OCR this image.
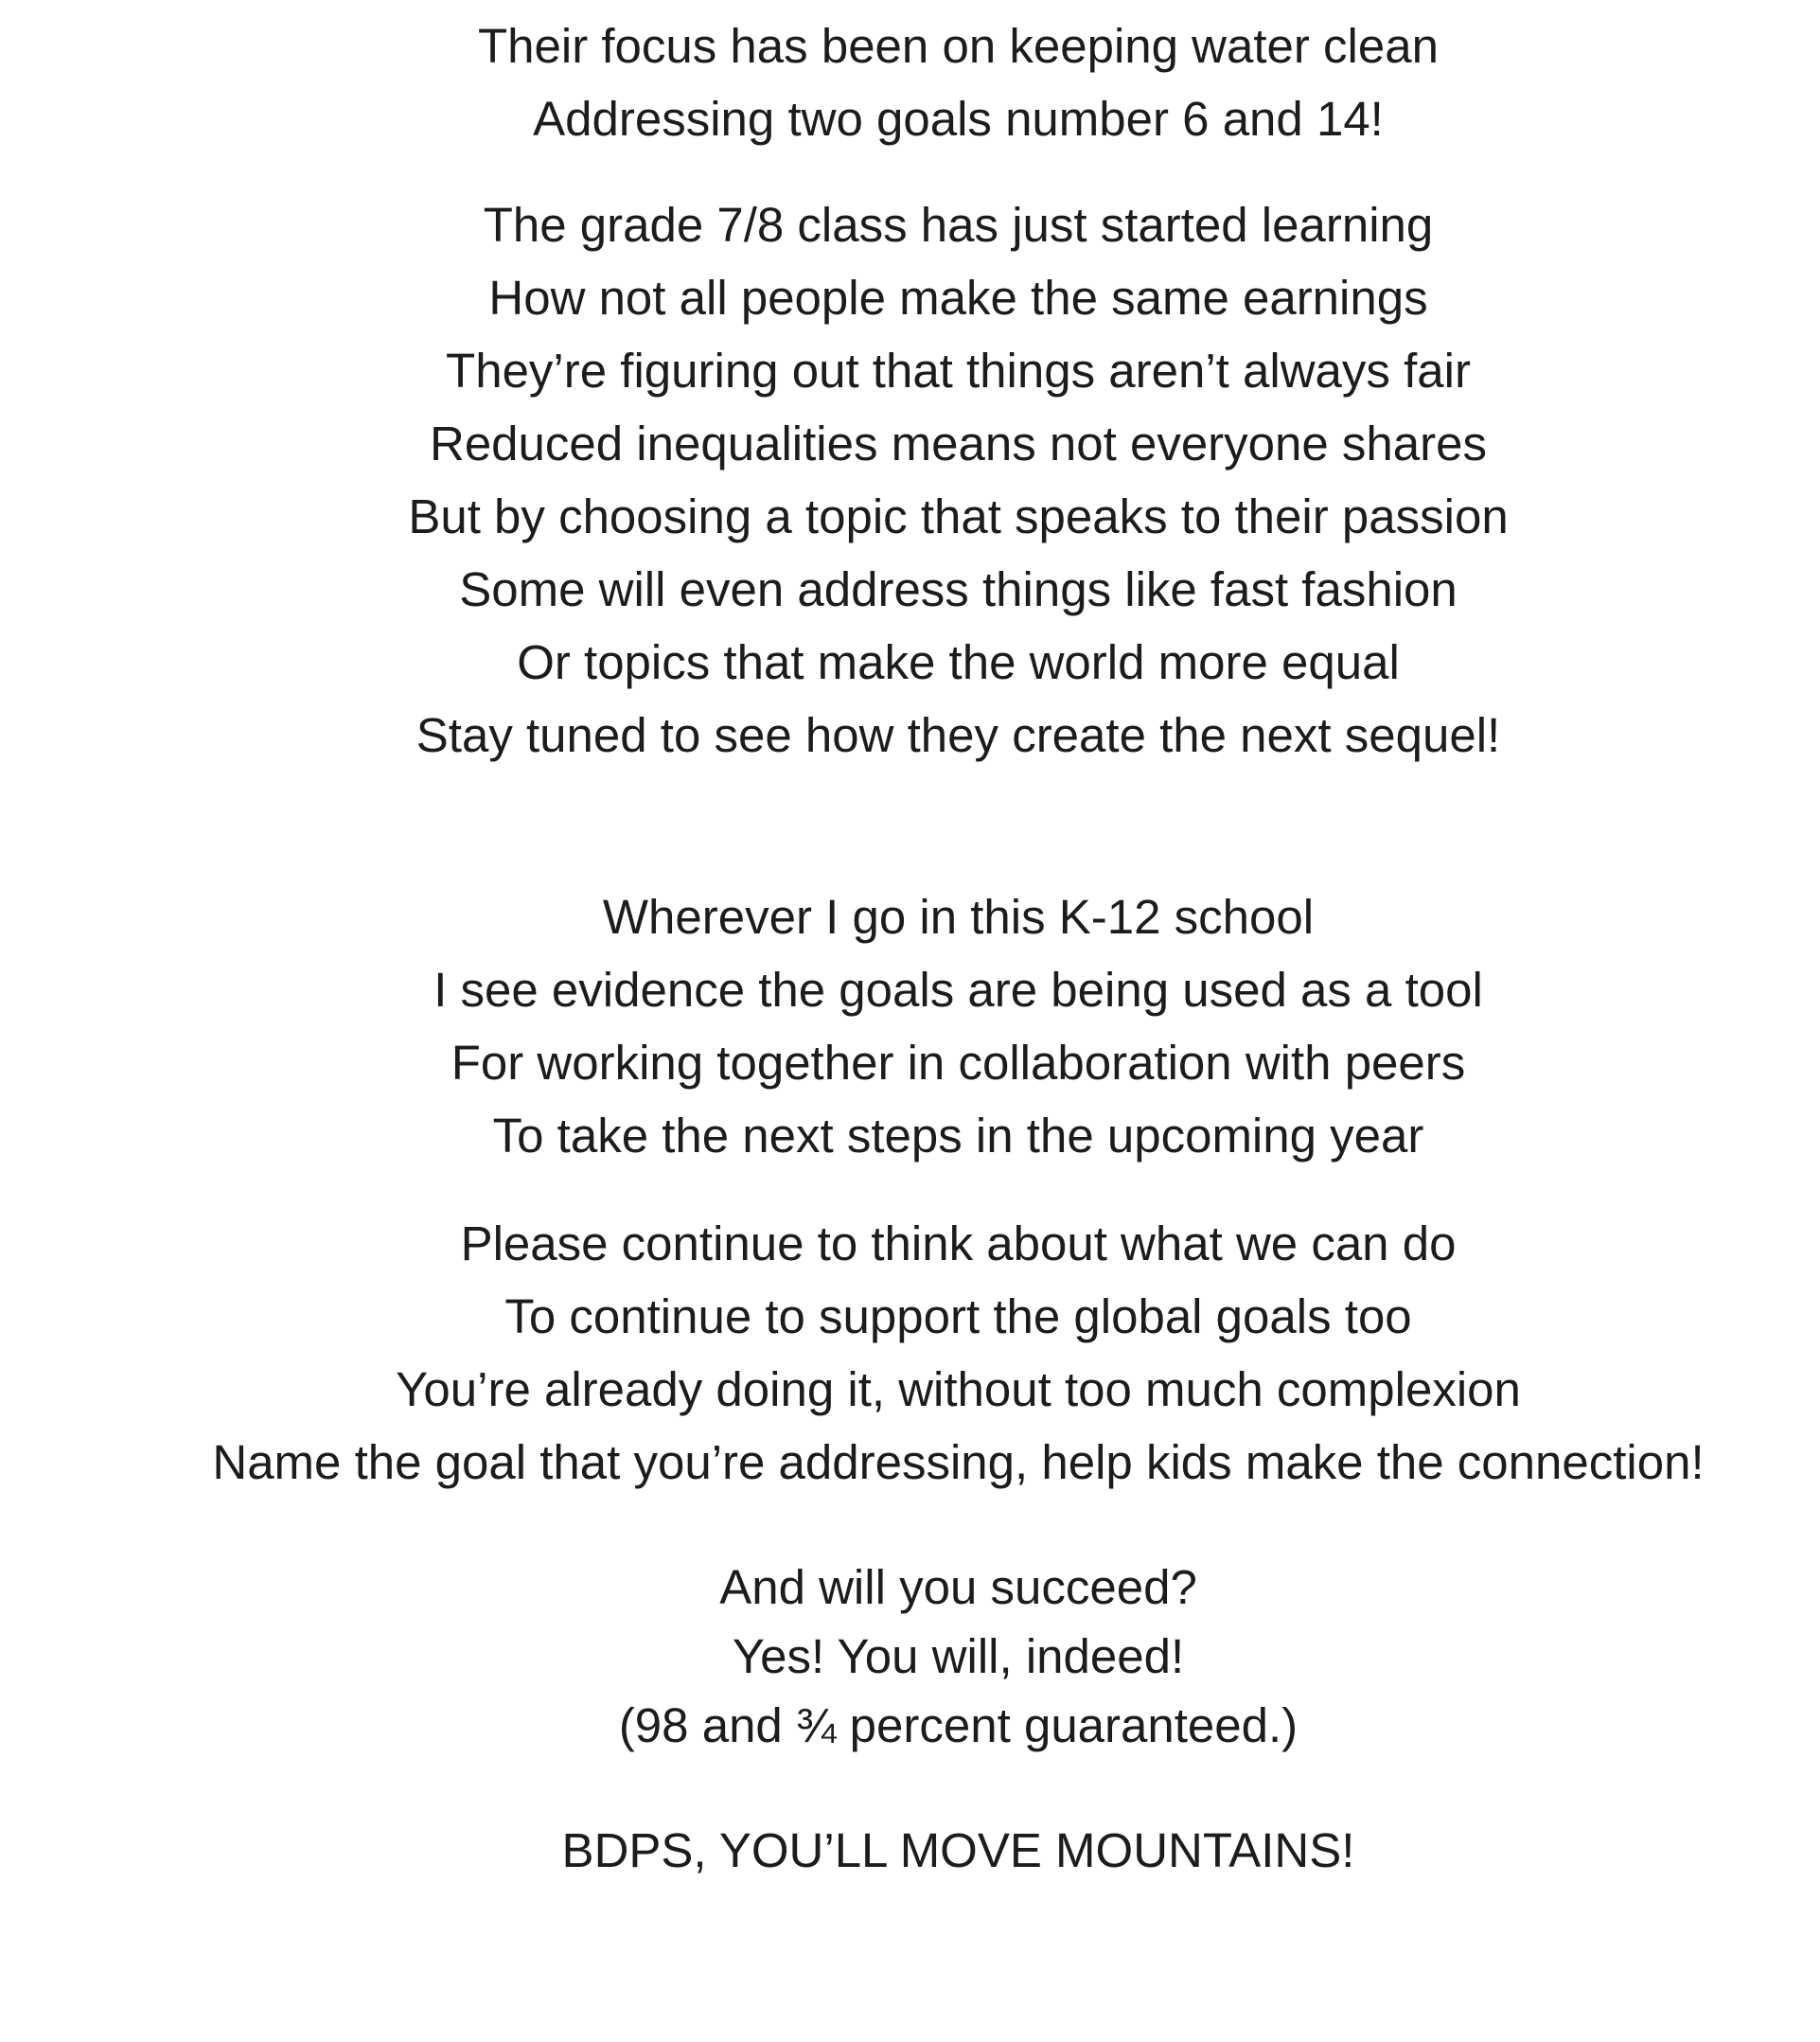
Their focus has been on keeping water clean
Addressing two goals number 6 and 14!
The grade 7/8 class has just started learning
How not all people make the same earnings
They’re figuring out that things aren’t always fair
Reduced inequalities means not everyone shares
But by choosing a topic that speaks to their passion
Some will even address things like fast fashion
Or topics that make the world more equal
Stay tuned to see how they create the next sequel!
Wherever I go in this K-12 school
I see evidence the goals are being used as a tool
For working together in collaboration with peers
To take the next steps in the upcoming year
Please continue to think about what we can do
To continue to support the global goals too
You’re already doing it, without too much complexion
Name the goal that you’re addressing, help kids make the connection!
And will you succeed?
Yes! You will, indeed!
(98 and ¾ percent guaranteed.)
BDPS, YOU’LL MOVE MOUNTAINS!
